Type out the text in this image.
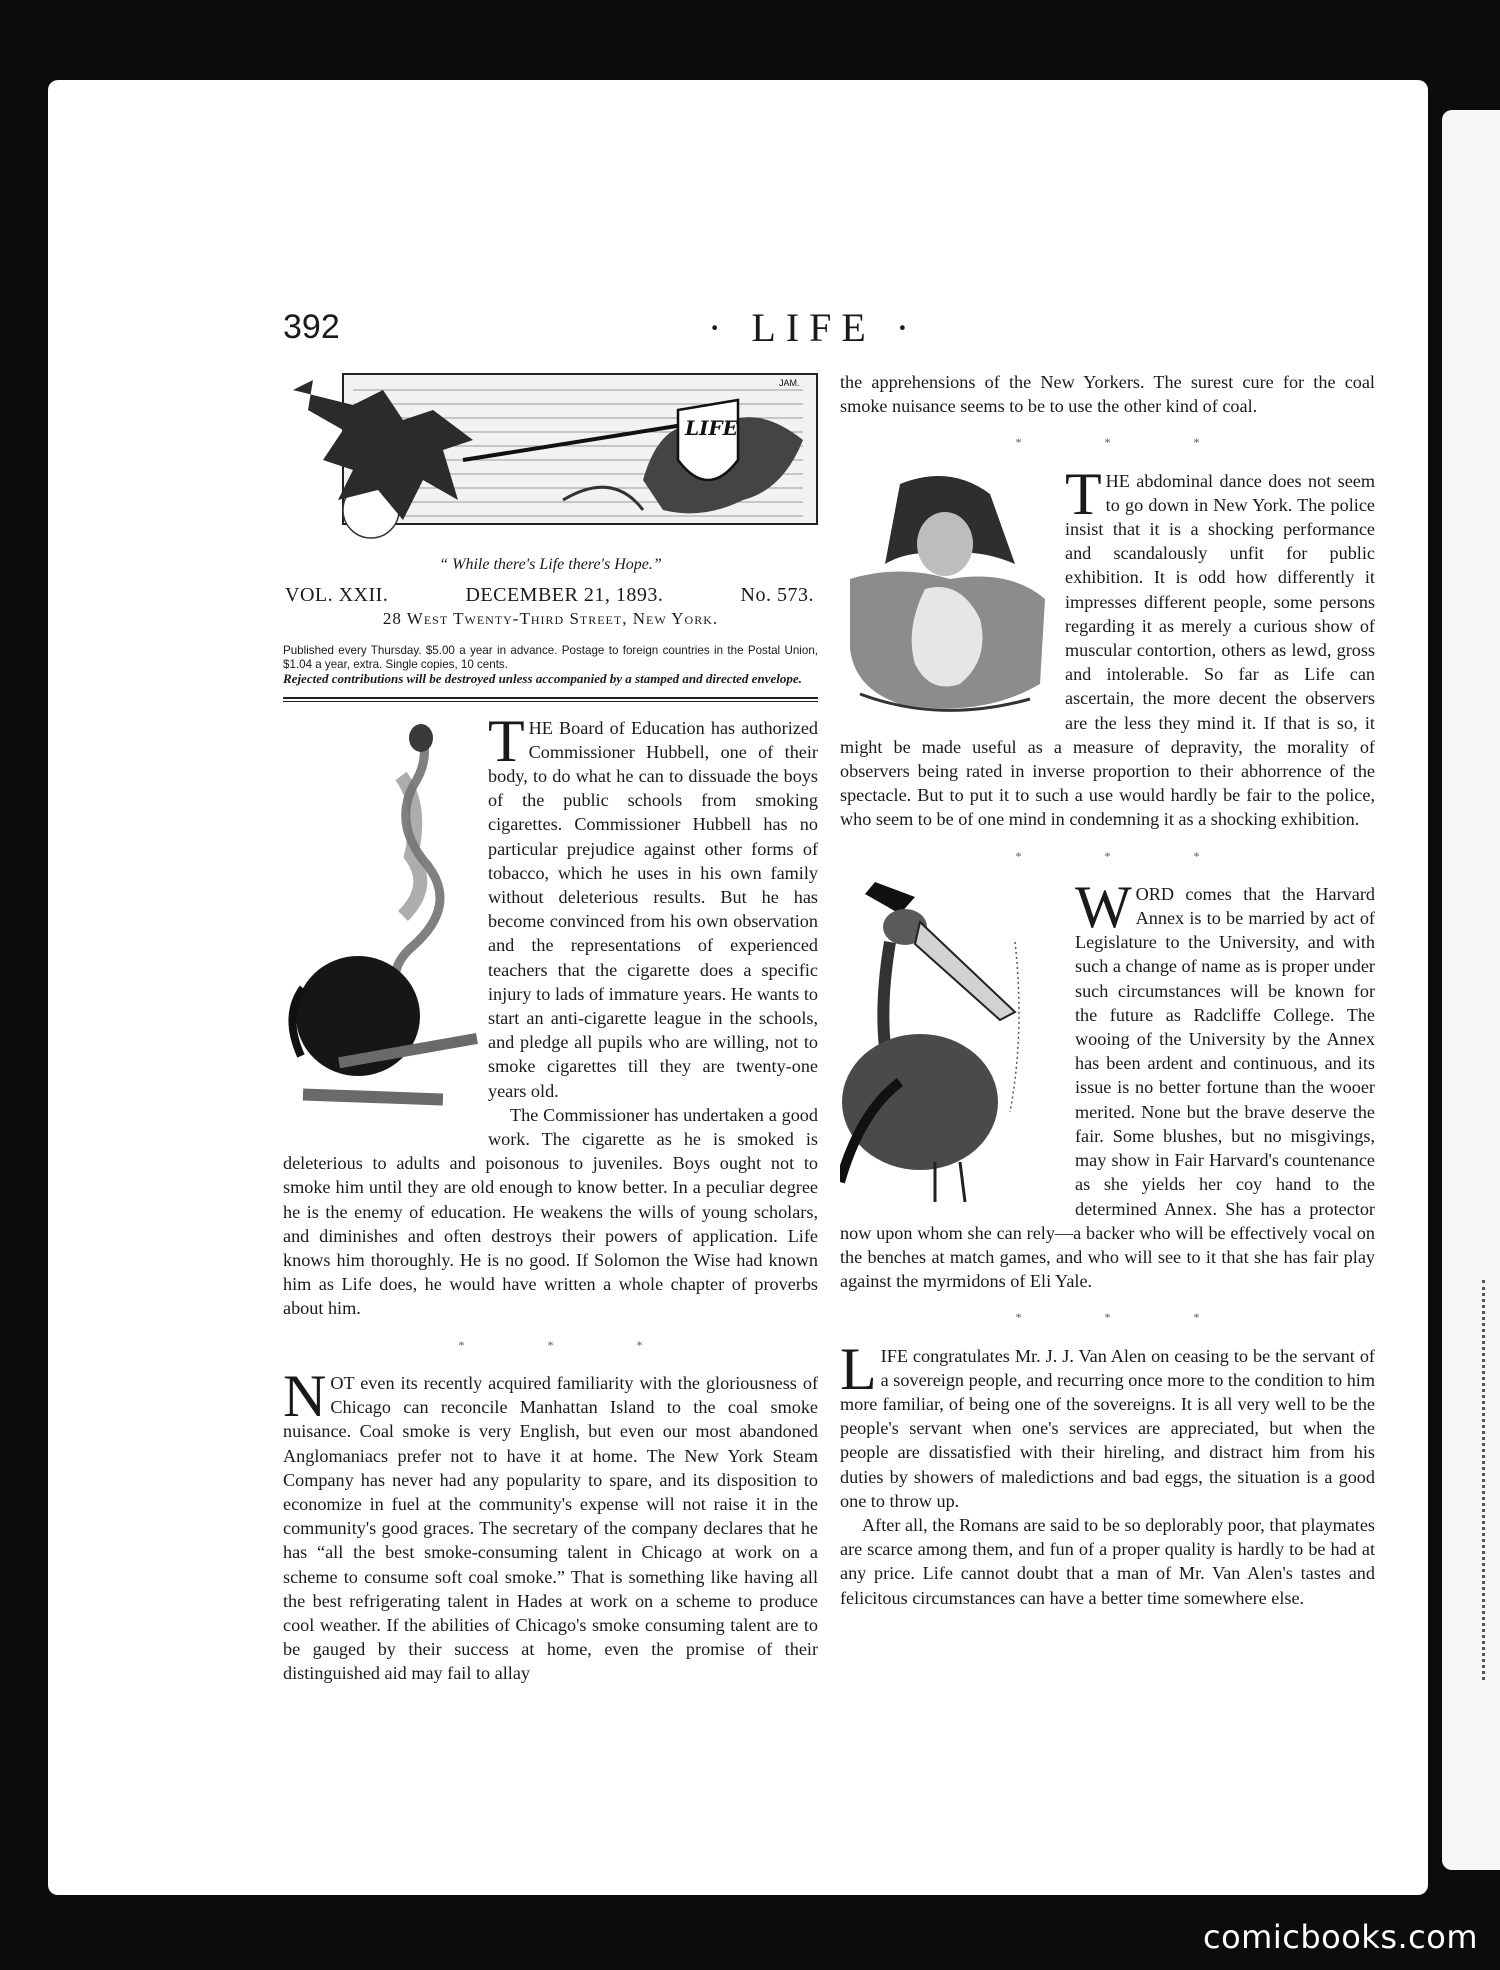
392	· LIFE ·
LIFE
JAM.
“ While there's Life there's Hope.”
VOL. XXII.	DECEMBER 21, 1893.	No. 573.
28 West Twenty-Third Street, New York.
Published every Thursday. $5.00 a year in advance. Postage to foreign countries in the Postal Union, $1.04 a year, extra. Single copies, 10 cents.
Rejected contributions will be destroyed unless accompanied by a stamped and directed envelope.

THE Board of Education has authorized Commissioner Hubbell, one of their body, to do what he can to dissuade the boys of the public schools from smoking cigarettes. Commissioner Hubbell has no particular prejudice against other forms of tobacco, which he uses in his own family without deleterious results. But he has become convinced from his own observation and the representations of experienced teachers that the cigarette does a specific injury to lads of immature years. He wants to start an anti-cigarette league in the schools, and pledge all pupils who are willing, not to smoke cigarettes till they are twenty-one years old.

The Commissioner has undertaken a good work. The cigarette as he is smoked is deleterious to adults and poisonous to juveniles. Boys ought not to smoke him until they are old enough to know better. In a peculiar degree he is the enemy of education. He weakens the wills of young scholars, and diminishes and often destroys their powers of application. Life knows him thoroughly. He is no good. If Solomon the Wise had known him as Life does, he would have written a whole chapter of proverbs about him.

* * *

NOT even its recently acquired familiarity with the gloriousness of Chicago can reconcile Manhattan Island to the coal smoke nuisance. Coal smoke is very English, but even our most abandoned Anglomaniacs prefer not to have it at home. The New York Steam Company has never had any popularity to spare, and its disposition to economize in fuel at the community's expense will not raise it in the community's good graces. The secretary of the company declares that he has “all the best smoke-consuming talent in Chicago at work on a scheme to consume soft coal smoke.” That is something like having all the best refrigerating talent in Hades at work on a scheme to produce cool weather. If the abilities of Chicago's smoke consuming talent are to be gauged by their success at home, even the promise of their distinguished aid may fail to allay

the apprehensions of the New Yorkers. The surest cure for the coal smoke nuisance seems to be to use the other kind of coal.

* * *

THE abdominal dance does not seem to go down in New York. The police insist that it is a shocking performance and scandalously unfit for public exhibition. It is odd how differently it impresses different people, some persons regarding it as merely a curious show of muscular contortion, others as lewd, gross and intolerable. So far as Life can ascertain, the more decent the observers are the less they mind it. If that is so, it might be made useful as a measure of depravity, the morality of observers being rated in inverse proportion to their abhorrence of the spectacle. But to put it to such a use would hardly be fair to the police, who seem to be of one mind in condemning it as a shocking exhibition.

* * *

WORD comes that the Harvard Annex is to be married by act of Legislature to the University, and with such a change of name as is proper under such circumstances will be known for the future as Radcliffe College. The wooing of the University by the Annex has been ardent and continuous, and its issue is no better fortune than the wooer merited. None but the brave deserve the fair. Some blushes, but no misgivings, may show in Fair Harvard's countenance as she yields her coy hand to the determined Annex. She has a protector now upon whom she can rely—a backer who will be effectively vocal on the benches at match games, and who will see to it that she has fair play against the myrmidons of Eli Yale.

* * *

LIFE congratulates Mr. J. J. Van Alen on ceasing to be the servant of a sovereign people, and recurring once more to the condition to him more familiar, of being one of the sovereigns. It is all very well to be the people's servant when one's services are appreciated, but when the people are dissatisfied with their hireling, and distract him from his duties by showers of maledictions and bad eggs, the situation is a good one to throw up.

After all, the Romans are said to be so deplorably poor, that playmates are scarce among them, and fun of a proper quality is hardly to be had at any price. Life cannot doubt that a man of Mr. Van Alen's tastes and felicitous circumstances can have a better time somewhere else.

comicbooks.com
